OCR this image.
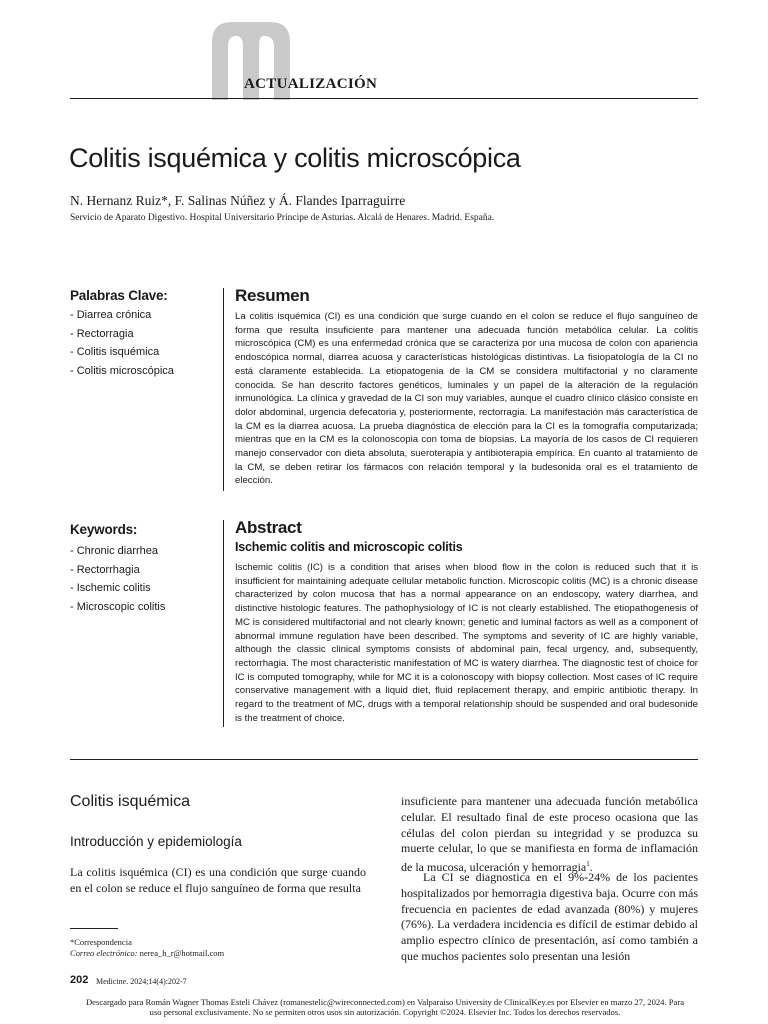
ACTUALIZACIÓN
Colitis isquémica y colitis microscópica
N. Hernanz Ruiz*, F. Salinas Núñez y Á. Flandes Iparraguirre
Servicio de Aparato Digestivo. Hospital Universitario Príncipe de Asturias. Alcalá de Henares. Madrid. España.
Palabras Clave:
- Diarrea crónica
- Rectorragia
- Colitis isquémica
- Colitis microscópica
Resumen

La colitis isquémica (CI) es una condición que surge cuando en el colon se reduce el flujo sanguíneo de forma que resulta insuficiente para mantener una adecuada función metabólica celular. La colitis microscópica (CM) es una enfermedad crónica que se caracteriza por una mucosa de colon con apariencia endoscópica normal, diarrea acuosa y características histológicas distintivas. La fisiopatología de la CI no está claramente establecida. La etiopatogenia de la CM se considera multifactorial y no claramente conocida. Se han descrito factores genéticos, luminales y un papel de la alteración de la regulación inmunológica. La clínica y gravedad de la CI son muy variables, aunque el cuadro clínico clásico consiste en dolor abdominal, urgencia defecatoria y, posteriormente, rectorragia. La manifestación más característica de la CM es la diarrea acuosa. La prueba diagnóstica de elección para la CI es la tomografía computarizada; mientras que en la CM es la colonoscopia con toma de biopsias. La mayoría de los casos de CI requieren manejo conservador con dieta absoluta, sueroterapia y antibioterapia empírica. En cuanto al tratamiento de la CM, se deben retirar los fármacos con relación temporal y la budesonida oral es el tratamiento de elección.

Keywords:
- Chronic diarrhea
- Rectorrhagia
- Ischemic colitis
- Microscopic colitis
Abstract
Ischemic colitis and microscopic colitis

Ischemic colitis (IC) is a condition that arises when blood flow in the colon is reduced such that it is insufficient for maintaining adequate cellular metabolic function. Microscopic colitis (MC) is a chronic disease characterized by colon mucosa that has a normal appearance on an endoscopy, watery diarrhea, and distinctive histologic features. The pathophysiology of IC is not clearly established. The etiopathogenesis of MC is considered multifactorial and not clearly known; genetic and luminal factors as well as a component of abnormal immune regulation have been described. The symptoms and severity of IC are highly variable, although the classic clinical symptoms consists of abdominal pain, fecal urgency, and, subsequently, rectorrhagia. The most characteristic manifestation of MC is watery diarrhea. The diagnostic test of choice for IC is computed tomography, while for MC it is a colonoscopy with biopsy collection. Most cases of IC require conservative management with a liquid diet, fluid replacement therapy, and empiric antibiotic therapy. In regard to the treatment of MC, drugs with a temporal relationship should be suspended and oral budesonide is the treatment of choice.

Colitis isquémica
Introducción y epidemiología

La colitis isquémica (CI) es una condición que surge cuando en el colon se reduce el flujo sanguíneo de forma que resulta

*Correspondencia
Correo electrónico: nerea_h_r@hotmail.com

insuficiente para mantener una adecuada función metabólica celular. El resultado final de este proceso ocasiona que las células del colon pierdan su integridad y se produzca su muerte celular, lo que se manifiesta en forma de inflamación de la mucosa, ulceración y hemorragia$^1$.

La CI se diagnostica en el 9%-24% de los pacientes hospitalizados por hemorragia digestiva baja. Ocurre con más frecuencia en pacientes de edad avanzada (80%) y mujeres (76%). La verdadera incidencia es difícil de estimar debido al amplio espectro clínico de presentación, así como también a que muchos pacientes solo presentan una lesión

202 Medicine. 2024;14(4):202-7

Descargado para Román Wagner Thomas Esteli Chávez (romanestelic@wireconnected.com) en Valparaiso University de ClinicalKey.es por Elsevier en marzo 27, 2024. Para uso personal exclusivamente. No se permiten otros usos sin autorización. Copyright ©2024. Elsevier Inc. Todos los derechos reservados.
